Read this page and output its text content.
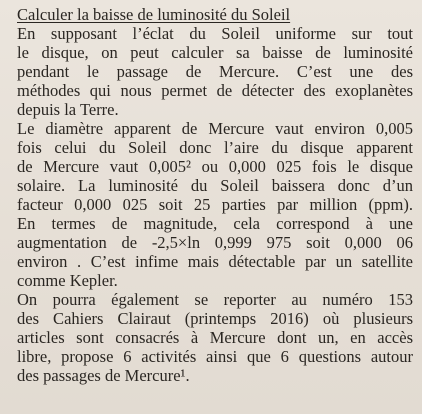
Calculer la baisse de luminosité du Soleil

En supposant l’éclat du Soleil uniforme sur tout
le disque, on peut calculer sa baisse de luminosité
pendant le passage de Mercure. C’est une des
méthodes qui nous permet de détecter des exoplanètes
depuis la Terre.

Le diamètre apparent de Mercure vaut environ 0,005
fois celui du Soleil donc l’aire du disque apparent
de Mercure vaut 0,005² ou 0,000 025 fois le disque
solaire. La luminosité du Soleil baissera donc d’un
facteur 0,000 025 soit 25 parties par million (ppm).
En termes de magnitude, cela correspond à une
augmentation de -2,5×ln 0,999 975 soit 0,000 06
environ . C’est infime mais détectable par un satellite
comme Kepler.

On pourra également se reporter au numéro 153
des Cahiers Clairaut (printemps 2016) où plusieurs
articles sont consacrés à Mercure dont un, en accès
libre, propose 6 activités ainsi que 6 questions autour
des passages de Mercure¹.
